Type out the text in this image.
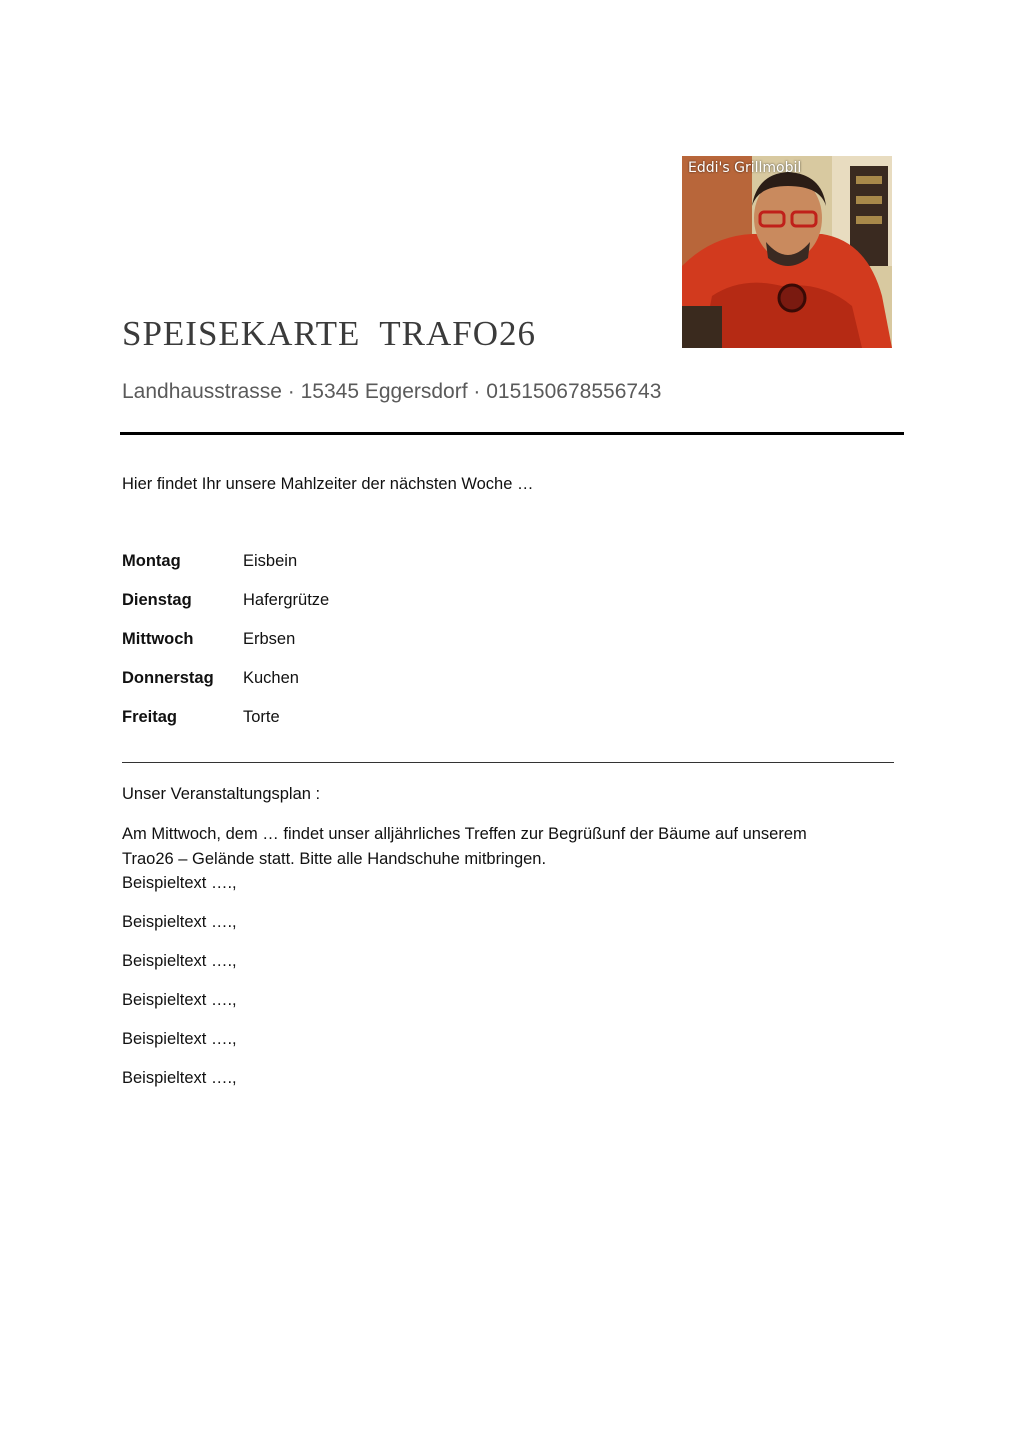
Eddi's Grillmobil
SPEISEKARTE  TRAFO26
Landhausstrasse · 15345 Eggersdorf · 015150678556743
Hier findet Ihr unsere Mahlzeiter der nächsten Woche …
Montag	Eisbein
Dienstag	Hafergrütze
Mittwoch	Erbsen
Donnerstag Kuchen
Freitag	Torte
Unser Veranstaltungsplan :
Am Mittwoch, dem … findet unser alljährliches Treffen zur Begrüßunf der Bäume auf unserem
Trao26 – Gelände statt. Bitte alle Handschuhe mitbringen.
Beispieltext ….,
Beispieltext ….,
Beispieltext ….,
Beispieltext ….,
Beispieltext ….,
Beispieltext ….,
